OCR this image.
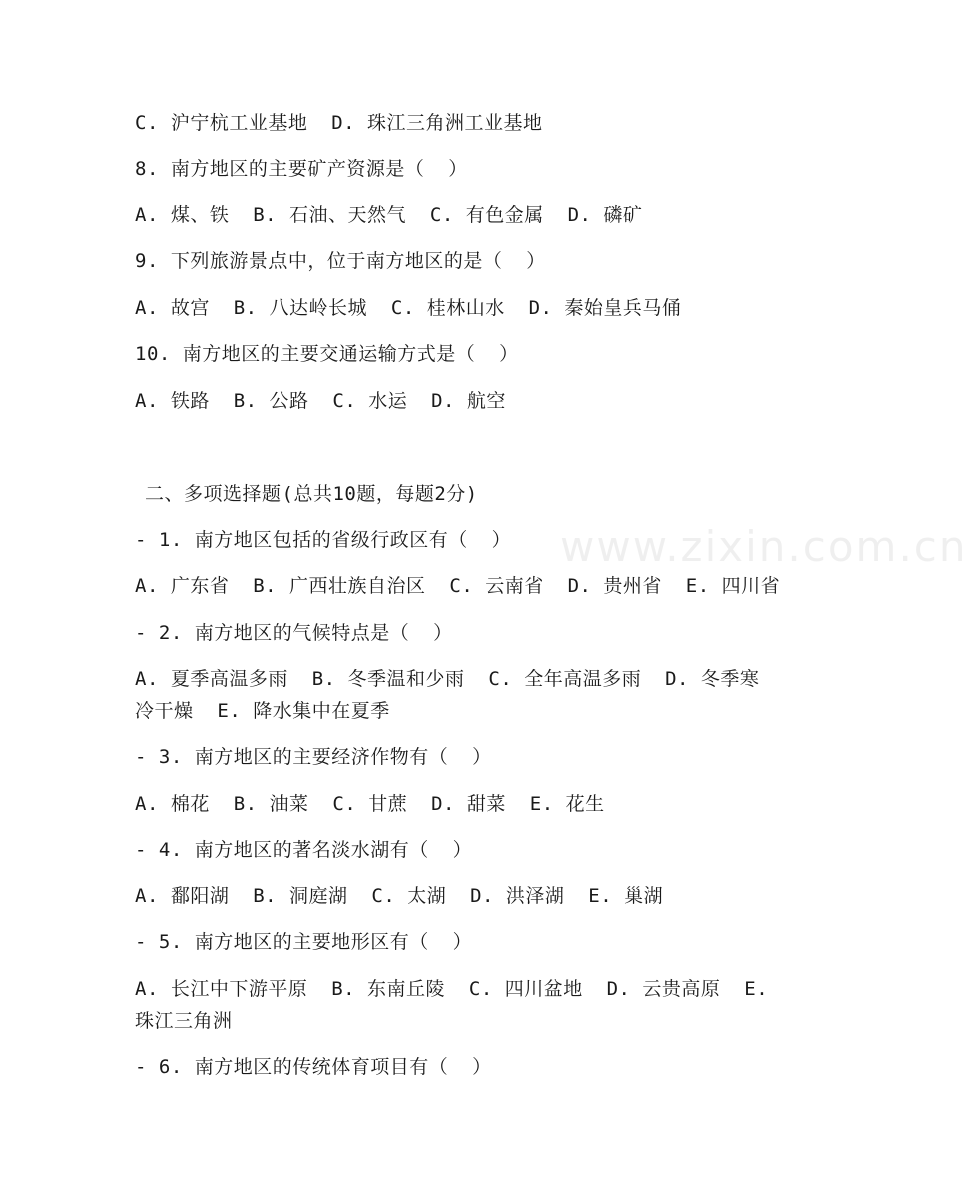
www.zixin.com.cn
C. 沪宁杭工业基地  D. 珠江三角洲工业基地
8. 南方地区的主要矿产资源是（  ）
A. 煤、铁  B. 石油、天然气  C. 有色金属  D. 磷矿
9. 下列旅游景点中，位于南方地区的是（  ）
A. 故宫  B. 八达岭长城  C. 桂林山水  D. 秦始皇兵马俑
10. 南方地区的主要交通运输方式是（  ）
A. 铁路  B. 公路  C. 水运  D. 航空
二、多项选择题(总共10题，每题2分)
- 1. 南方地区包括的省级行政区有（  ）
A. 广东省  B. 广西壮族自治区  C. 云南省  D. 贵州省  E. 四川省
- 2. 南方地区的气候特点是（  ）
A. 夏季高温多雨  B. 冬季温和少雨  C. 全年高温多雨  D. 冬季寒
冷干燥  E. 降水集中在夏季
- 3. 南方地区的主要经济作物有（  ）
A. 棉花  B. 油菜  C. 甘蔗  D. 甜菜  E. 花生
- 4. 南方地区的著名淡水湖有（  ）
A. 鄱阳湖  B. 洞庭湖  C. 太湖  D. 洪泽湖  E. 巢湖
- 5. 南方地区的主要地形区有（  ）
A. 长江中下游平原  B. 东南丘陵  C. 四川盆地  D. 云贵高原  E.
珠江三角洲
- 6. 南方地区的传统体育项目有（  ）
